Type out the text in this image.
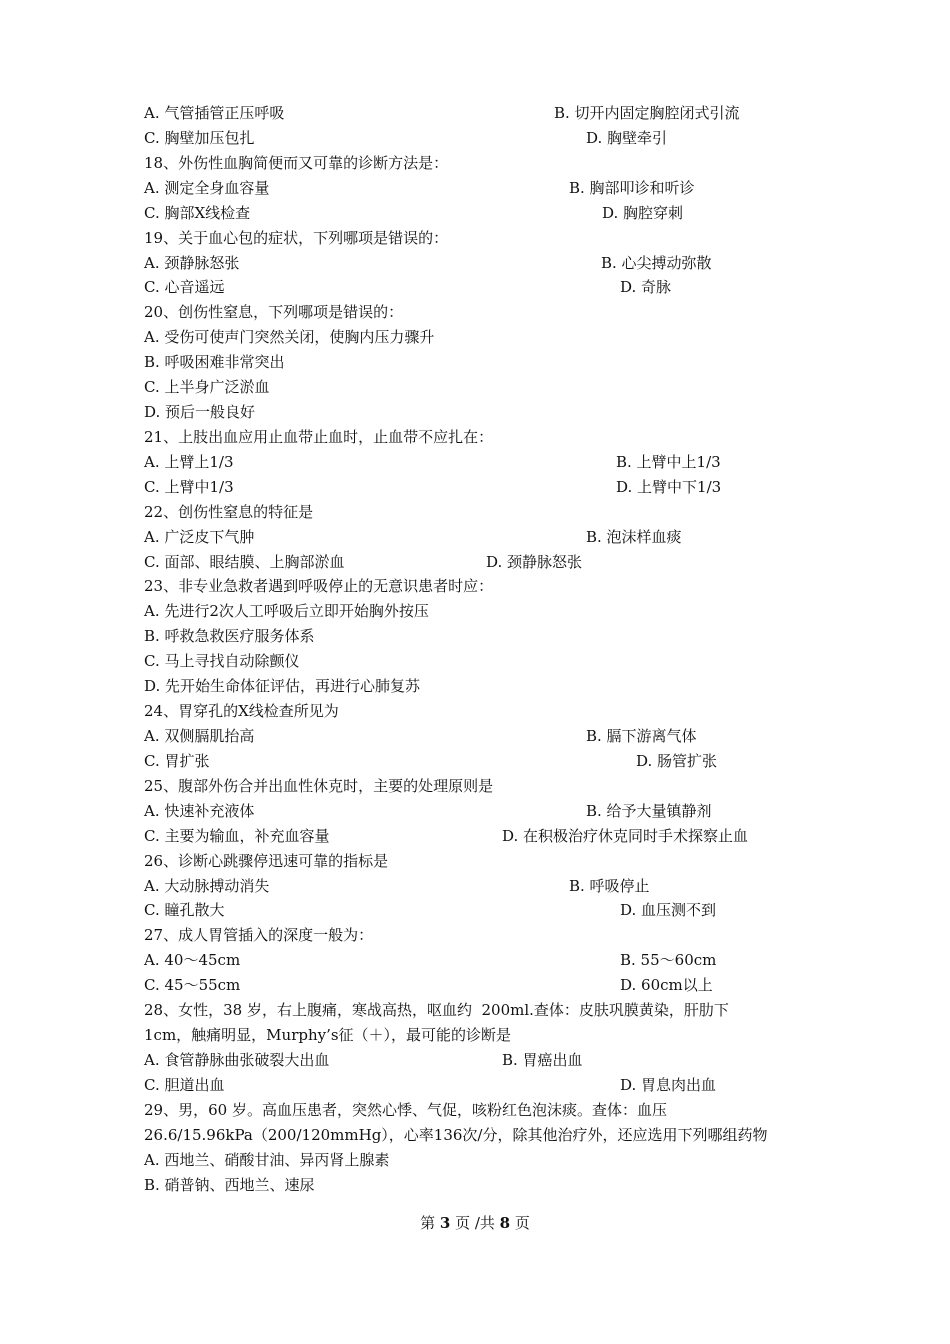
A. 气管插管正压呼吸	B. 切开内固定胸腔闭式引流
C. 胸壁加压包扎	D. 胸壁牵引
18、外伤性血胸简便而又可靠的诊断方法是：
A. 测定全身血容量	B. 胸部叩诊和听诊
C. 胸部X线检查	D. 胸腔穿刺
19、关于血心包的症状，下列哪项是错误的：
A. 颈静脉怒张	B. 心尖搏动弥散
C. 心音遥远	D. 奇脉
20、创伤性窒息，下列哪项是错误的：
A. 受伤可使声门突然关闭，使胸内压力骤升
B. 呼吸困难非常突出
C. 上半身广泛淤血
D. 预后一般良好
21、上肢出血应用止血带止血时，止血带不应扎在：
A. 上臂上1/3	B. 上臂中上1/3
C. 上臂中1/3	D. 上臂中下1/3
22、创伤性窒息的特征是
A. 广泛皮下气肿	B. 泡沫样血痰
C. 面部、眼结膜、上胸部淤血	D. 颈静脉怒张
23、非专业急救者遇到呼吸停止的无意识患者时应：
A. 先进行2次人工呼吸后立即开始胸外按压
B. 呼救急救医疗服务体系
C. 马上寻找自动除颤仪
D. 先开始生命体征评估，再进行心肺复苏
24、胃穿孔的X线检查所见为
A. 双侧膈肌抬高	B. 膈下游离气体
C. 胃扩张	D. 肠管扩张
25、腹部外伤合并出血性休克时，主要的处理原则是
A. 快速补充液体	B. 给予大量镇静剂
C. 主要为输血，补充血容量	D. 在积极治疗休克同时手术探察止血
26、诊断心跳骤停迅速可靠的指标是
A. 大动脉搏动消失	B. 呼吸停止
C. 瞳孔散大	D. 血压测不到
27、成人胃管插入的深度一般为：
A. 40～45cm	B. 55～60cm
C. 45～55cm	D. 60cm以上
28、女性，38 岁，右上腹痛，寒战高热，呕血约  200ml.查体：皮肤巩膜黄染，肝肋下
1cm，触痛明显，Murphy’s征（＋），最可能的诊断是
A. 食管静脉曲张破裂大出血	B. 胃癌出血
C. 胆道出血	D. 胃息肉出血
29、男，60 岁。高血压患者，突然心悸、气促，咳粉红色泡沫痰。查体：血压
26.6/15.96kPa（200/120mmHg），心率136次/分，除其他治疗外，还应选用下列哪组药物
A. 西地兰、硝酸甘油、异丙肾上腺素
B. 硝普钠、西地兰、速尿
第 3 页 /共 8 页
